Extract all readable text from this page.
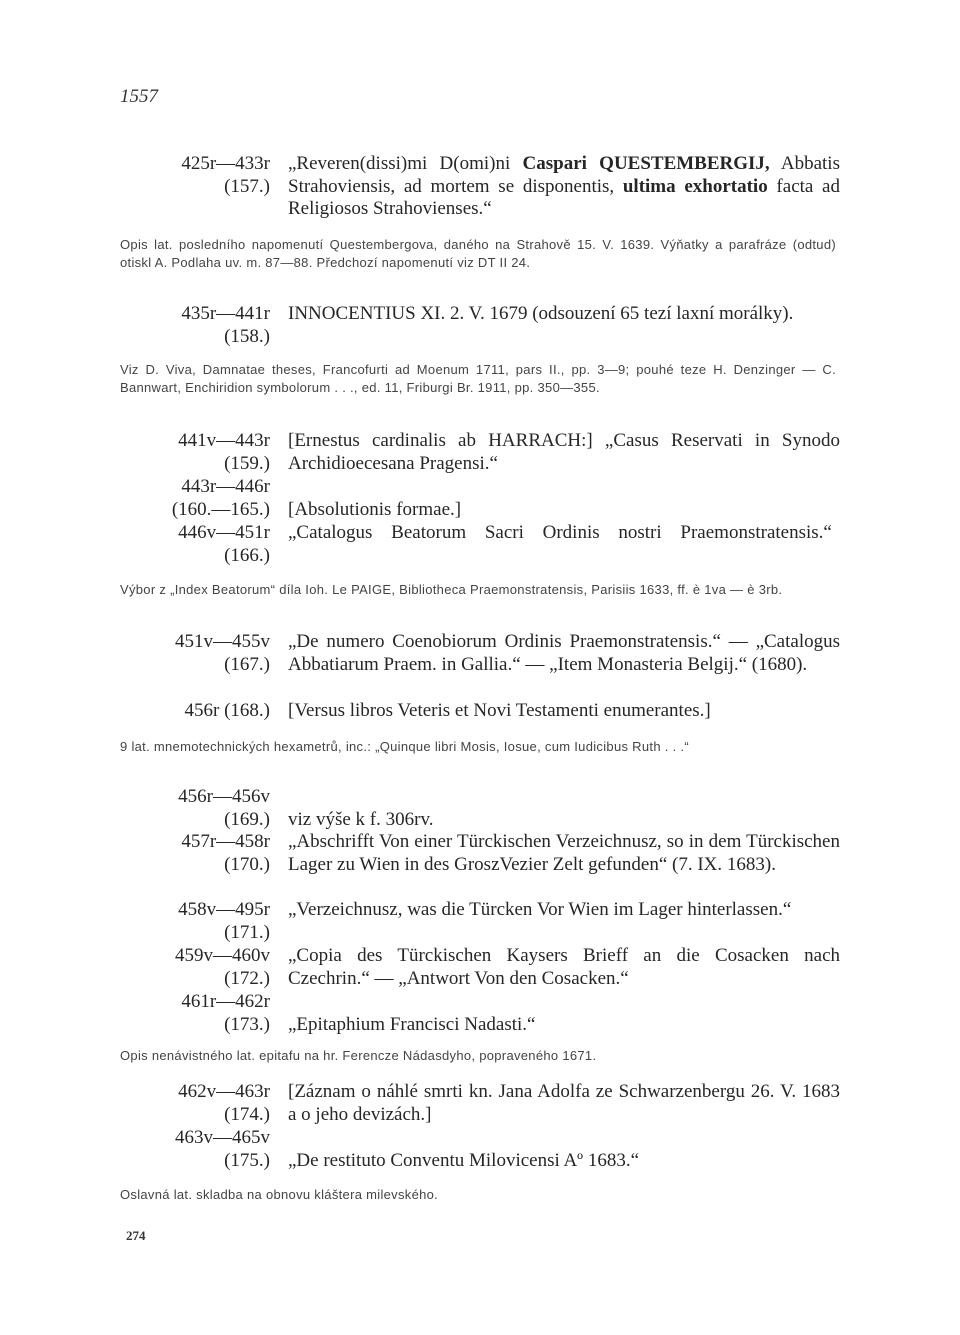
1557
425r—433r
(157.)
„Reveren(dissi)mi D(omi)ni Caspari QUESTEMBERGIJ, Abbatis Strahoviensis, ad mortem se disponentis, ultima exhortatio facta ad Religiosos Strahovienses.“
Opis lat. posledního napomenutí Questembergova, daného na Strahově 15. V. 1639. Výňatky a parafráze (odtud) otiskl A. Podlaha uv. m. 87—88. Předchozí napomenutí viz DT II 24.
435r—441r
(158.)
INNOCENTIUS XI. 2. V. 1679 (odsouzení 65 tezí laxní morálky).
Viz D. Viva, Damnatae theses, Francofurti ad Moenum 1711, pars II., pp. 3—9; pouhé teze H. Denzinger — C. Bannwart, Enchiridion symbolorum . . ., ed. 11, Friburgi Br. 1911, pp. 350—355.
441v—443r
(159.)
[Ernestus cardinalis ab HARRACH:] „Casus Reservati in Synodo Archidioecesana Pragensi.“
443r—446r
(160.—165.) [Absolutionis formae.]
446v—451r
(166.)
„Catalogus Beatorum Sacri Ordinis nostri Praemonstratensis.“
Výbor z „Index Beatorum“ díla Ioh. Le PAIGE, Bibliotheca Praemonstratensis, Parisiis 1633, ff. è 1va — è 3rb.
451v—455v
(167.)
„De numero Coenobiorum Ordinis Praemonstratensis.“ — „Catalogus Abbatiarum Praem. in Gallia.“ — „Item Monasteria Belgij.“ (1680).
456r (168.) [Versus libros Veteris et Novi Testamenti enumerantes.]
9 lat. mnemotechnických hexametrů, inc.: „Quinque libri Mosis, Iosue, cum Iudicibus Ruth . . .“
456r—456v
(169.) viz výše k f. 306rv.
457r—458r
(170.)
„Abschrifft Von einer Türckischen Verzeichnusz, so in dem Türckischen Lager zu Wien in des GroszVezier Zelt gefunden“ (7. IX. 1683).
458v—495r
(171.)
„Verzeichnusz, was die Türcken Vor Wien im Lager hinterlassen.“
459v—460v
(172.)
„Copia des Türckischen Kaysers Brieff an die Cosacken nach Czechrin.“ — „Antwort Von den Cosacken.“
461r—462r
(173.) „Epitaphium Francisci Nadasti.“
Opis nenávistného lat. epitafu na hr. Ferencze Nádasdyho, popraveného 1671.
462v—463r
(174.)
[Záznam o náhlé smrti kn. Jana Adolfa ze Schwarzenbergu 26. V. 1683 a o jeho devizách.]
463v—465v
(175.) „De restituto Conventu Milovicensi Aº 1683.“
Oslavná lat. skladba na obnovu kláštera milevského.
274
